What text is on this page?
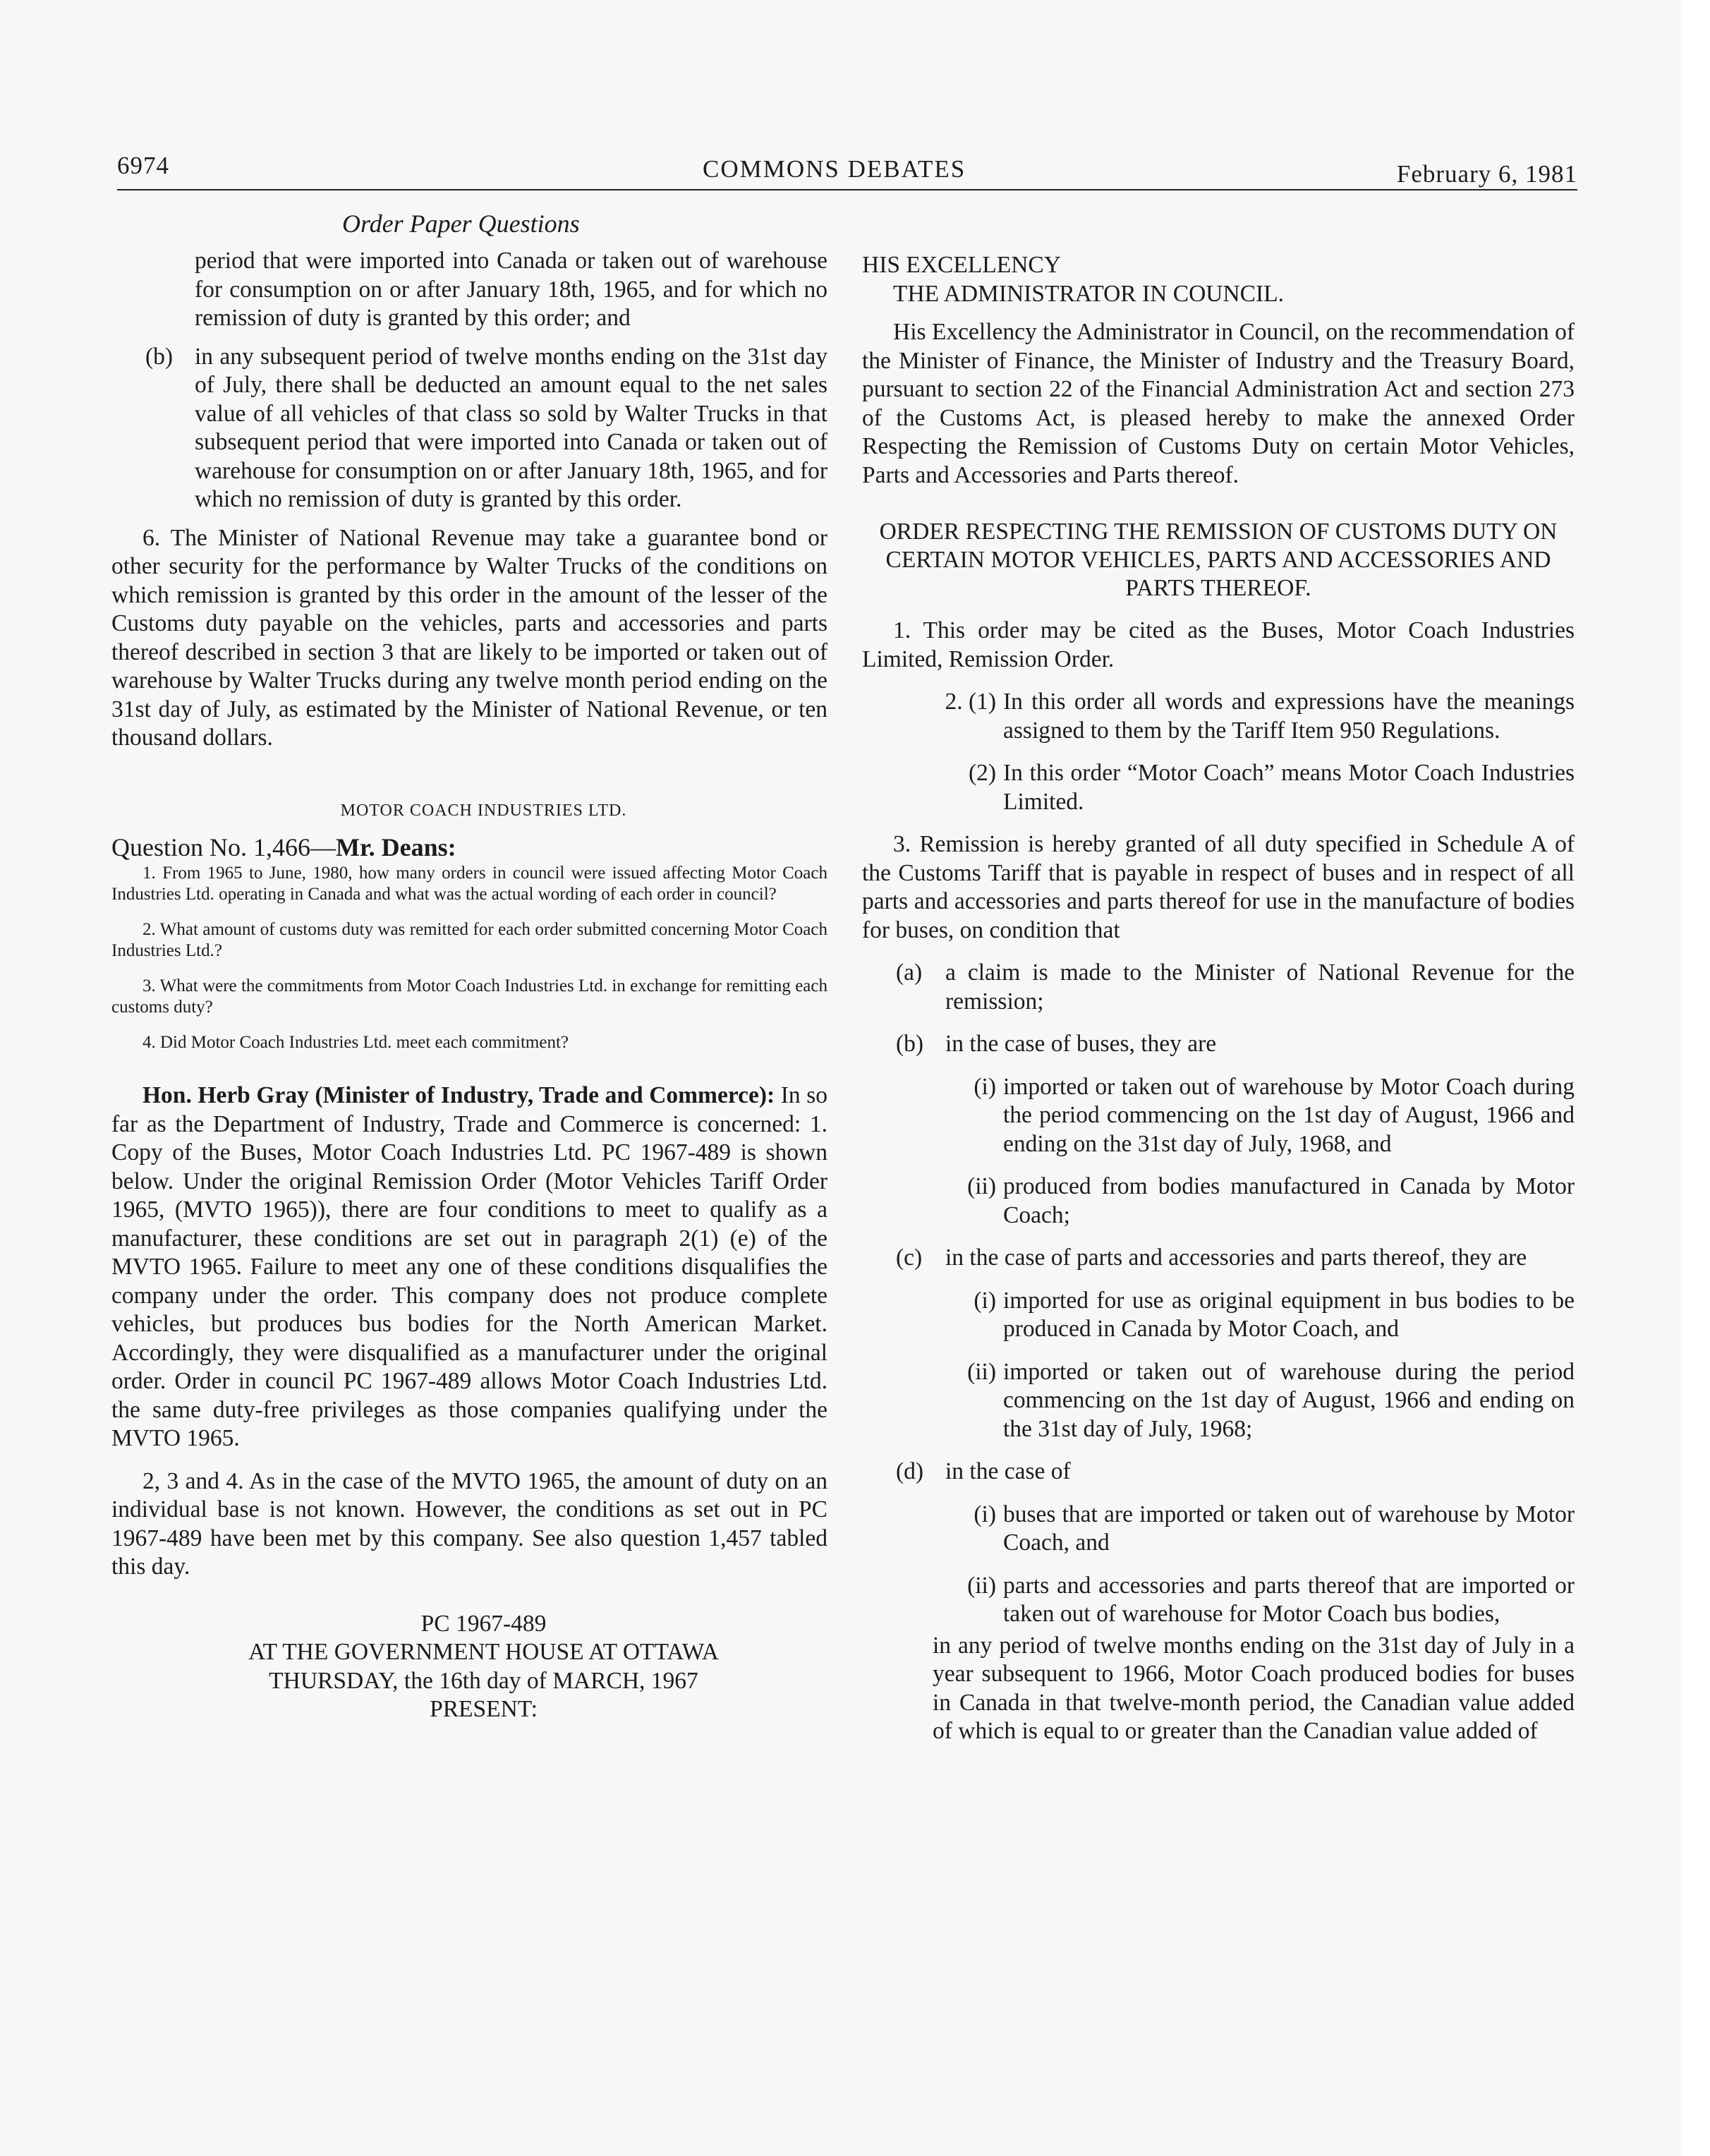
6974	COMMONS DEBATES	February 6, 1981
Order Paper Questions

period that were imported into Canada or taken out of warehouse for consumption on or after January 18th, 1965, and for which no remission of duty is granted by this order; and

(b) in any subsequent period of twelve months ending on the 31st day of July, there shall be deducted an amount equal to the net sales value of all vehicles of that class so sold by Walter Trucks in that subsequent period that were imported into Canada or taken out of warehouse for consumption on or after January 18th, 1965, and for which no remission of duty is granted by this order.

6. The Minister of National Revenue may take a guarantee bond or other security for the performance by Walter Trucks of the conditions on which remission is granted by this order in the amount of the lesser of the Customs duty payable on the vehicles, parts and accessories and parts thereof described in section 3 that are likely to be imported or taken out of warehouse by Walter Trucks during any twelve month period ending on the 31st day of July, as estimated by the Minister of National Revenue, or ten thousand dollars.

MOTOR COACH INDUSTRIES LTD.

Question No. 1,466—Mr. Deans:

1. From 1965 to June, 1980, how many orders in council were issued affecting Motor Coach Industries Ltd. operating in Canada and what was the actual wording of each order in council?

2. What amount of customs duty was remitted for each order submitted concerning Motor Coach Industries Ltd.?

3. What were the commitments from Motor Coach Industries Ltd. in exchange for remitting each customs duty?

4. Did Motor Coach Industries Ltd. meet each commitment?

Hon. Herb Gray (Minister of Industry, Trade and Commerce): In so far as the Department of Industry, Trade and Commerce is concerned: 1. Copy of the Buses, Motor Coach Industries Ltd. PC 1967-489 is shown below. Under the original Remission Order (Motor Vehicles Tariff Order 1965, (MVTO 1965)), there are four conditions to meet to qualify as a manufacturer, these conditions are set out in paragraph 2(1) (e) of the MVTO 1965. Failure to meet any one of these conditions disqualifies the company under the order. This company does not produce complete vehicles, but produces bus bodies for the North American Market. Accordingly, they were disqualified as a manufacturer under the original order. Order in council PC 1967-489 allows Motor Coach Industries Ltd. the same duty-free privileges as those companies qualifying under the MVTO 1965.

2, 3 and 4. As in the case of the MVTO 1965, the amount of duty on an individual base is not known. However, the conditions as set out in PC 1967-489 have been met by this company. See also question 1,457 tabled this day.

PC 1967-489

AT THE GOVERNMENT HOUSE AT OTTAWA

THURSDAY, the 16th day of MARCH, 1967

PRESENT:

HIS EXCELLENCY

THE ADMINISTRATOR IN COUNCIL.

His Excellency the Administrator in Council, on the recommendation of the Minister of Finance, the Minister of Industry and the Treasury Board, pursuant to section 22 of the Financial Administration Act and section 273 of the Customs Act, is pleased hereby to make the annexed Order Respecting the Remission of Customs Duty on certain Motor Vehicles, Parts and Accessories and Parts thereof.

ORDER RESPECTING THE REMISSION OF CUSTOMS DUTY ON CERTAIN MOTOR VEHICLES, PARTS AND ACCESSORIES AND PARTS THEREOF.

1. This order may be cited as the Buses, Motor Coach Industries Limited, Remission Order.

2. (1) In this order all words and expressions have the meanings assigned to them by the Tariff Item 950 Regulations.

(2) In this order “Motor Coach” means Motor Coach Industries Limited.

3. Remission is hereby granted of all duty specified in Schedule A of the Customs Tariff that is payable in respect of buses and in respect of all parts and accessories and parts thereof for use in the manufacture of bodies for buses, on condition that

(a) a claim is made to the Minister of National Revenue for the remission;

(b) in the case of buses, they are

(i) imported or taken out of warehouse by Motor Coach during the period commencing on the 1st day of August, 1966 and ending on the 31st day of July, 1968, and

(ii) produced from bodies manufactured in Canada by Motor Coach;

(c) in the case of parts and accessories and parts thereof, they are

(i) imported for use as original equipment in bus bodies to be produced in Canada by Motor Coach, and

(ii) imported or taken out of warehouse during the period commencing on the 1st day of August, 1966 and ending on the 31st day of July, 1968;

(d) in the case of

(i) buses that are imported or taken out of warehouse by Motor Coach, and

(ii) parts and accessories and parts thereof that are imported or taken out of warehouse for Motor Coach bus bodies,

in any period of twelve months ending on the 31st day of July in a year subsequent to 1966, Motor Coach produced bodies for buses in Canada in that twelve-month period, the Canadian value added of which is equal to or greater than the Canadian value added of
